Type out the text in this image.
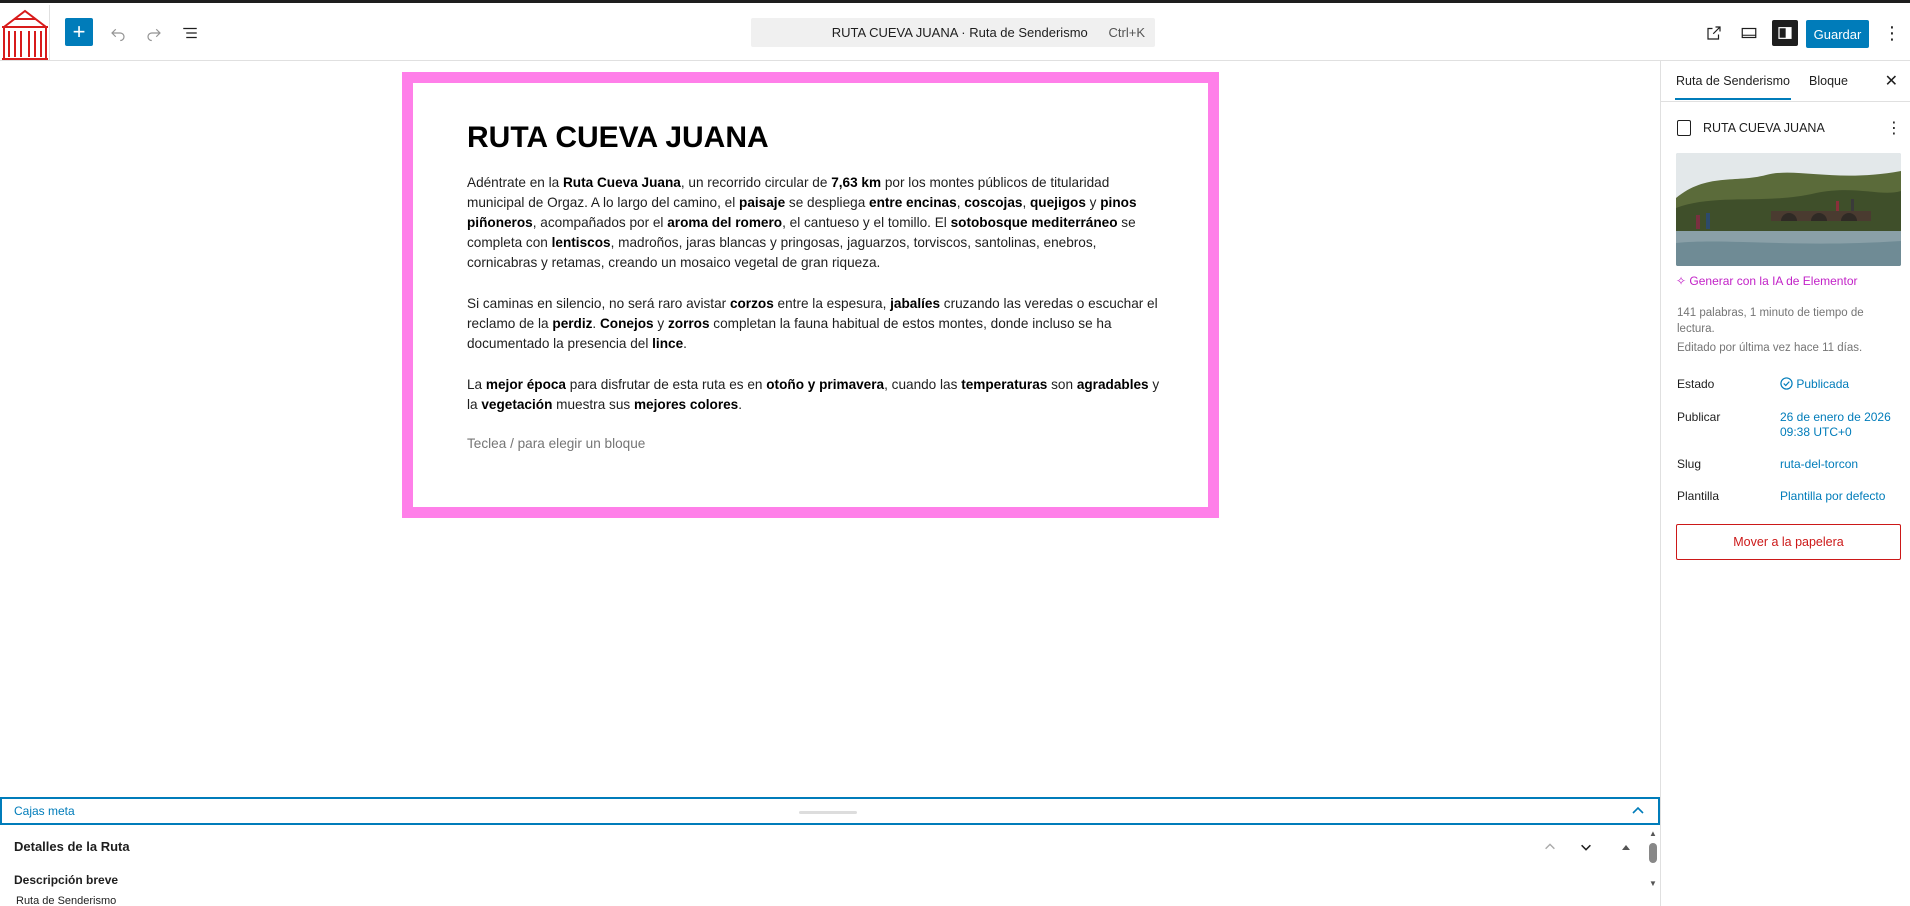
+	RUTA CUEVA JUANA · Ruta de Senderismo	Ctrl+K	Guardar	⋮
RUTA CUEVA JUANA

Adéntrate en la Ruta Cueva Juana, un recorrido circular de 7,63 km por los montes públicos de titularidad municipal de Orgaz. A lo largo del camino, el paisaje se despliega entre encinas, coscojas, quejigos y pinos piñoneros, acompañados por el aroma del romero, el cantueso y el tomillo. El sotobosque mediterráneo se completa con lentiscos, madroños, jaras blancas y pringosas, jaguarzos, torviscos, santolinas, enebros, cornicabras y retamas, creando un mosaico vegetal de gran riqueza.

Si caminas en silencio, no será raro avistar corzos entre la espesura, jabalíes cruzando las veredas o escuchar el reclamo de la perdiz. Conejos y zorros completan la fauna habitual de estos montes, donde incluso se ha documentado la presencia del lince.

La mejor época para disfrutar de esta ruta es en otoño y primavera, cuando las temperaturas son agradables y la vegetación muestra sus mejores colores.

Teclea / para elegir un bloque

Cajas meta
Detalles de la Ruta
Descripción breve
Ruta de Senderismo
▲
▼
Ruta de Senderismo Bloque ✕
RUTA CUEVA JUANA	⋮
✧ Generar con la IA de Elementor
141 palabras, 1 minuto de tiempo de lectura.
Editado por última vez hace 11 días.
Estado	Publicada
Publicar	26 de enero de 2026 09:38 UTC+0
Slug	ruta-del-torcon
Plantilla	Plantilla por defecto
Mover a la papelera
